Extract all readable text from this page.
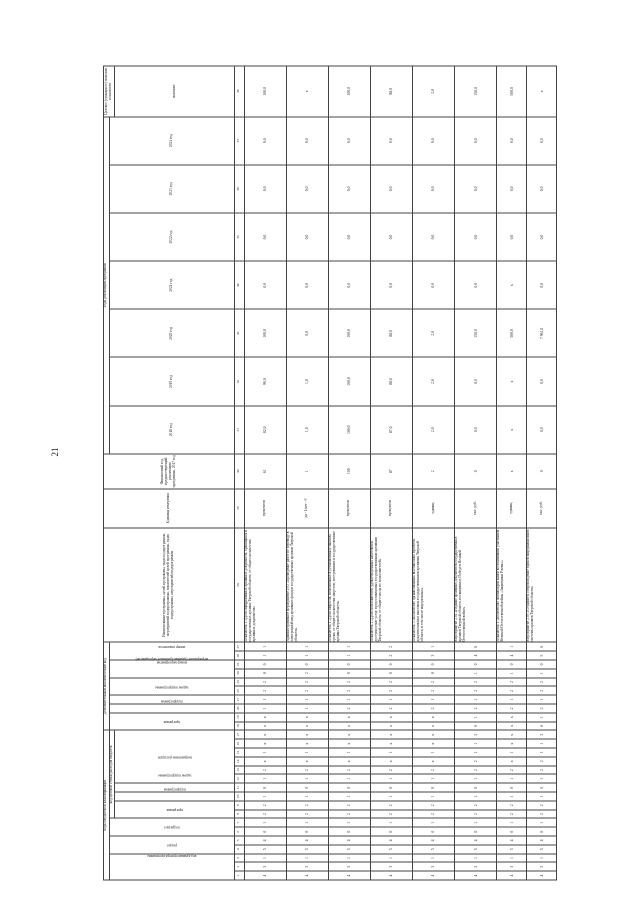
21
Коды бюджетной классификации																	Дополнительный аналитический код										Наименование программы, целей программы, задач подпрограммы, мероприятий подпрограммы, показателей целей программы, задач подпрограммы, мероприятий подпрограммы	Единица измерения	Финансовый год, предшествующий реализации программы, 2017 год	Годы реализации программы							Целевое (суммарное) значение показателя
код администратора программы			раздел		подраздел		код целевой статьи расходов бюджета										программа		подпрограмма	задача подпрограммы	мероприятие (административное мероприятие)		номер мероприятия		номер показателя					2018 год	2019 год	2020 год	2021 год	2022 год	2023 год	2024 год	
							программа		подпрограмма	задача подпрограммы	направление расходов																										значение
1	2	3	4	5	6	7	8	9	10	11	12	13	14	15	16	17	18	19	20	21	22	23	24	25	26	27	28	29	30	31	32	33	34	35	36	37	38
4	3	1	5	4	0	1	2	2	1	0	1	2	x	1	x	x	x	x	1	1	2	2	0	0	1	1	Показатель 2 «Доля оцифрованных архивных документов, хранящихся в государственных архивах Тверской области, от общего количества архивных документов»	процентов	61	82,0	90,0	100,0	0,0	0,0	0,0	0,0	100,0
4	3	1	5	4	0	1	2	2	1	0	1	2	x	1	x	x	x	x	1	1	2	2	2	0	1	1	Административное мероприятие 2.03 «Проведение работ по переводу в электронный вид архивных фондов государственных архивов Тверской области»	да - 1/нет - 0	1	1,0	1,0	0,0	0,0	0,0	0,0	0,0	x
4	3	1	5	4	0	1	2	2	1	0	1	2	x	1	x	x	x	x	2	1	2	2	0	0	1	1	Показатель 1 «Доля запросов, исполненных в установленные законом сроки, от общего количества запросов, поступивших в государственные архивы Тверской области»	процентов	100	100,0	100,0	100,0	0,0	0,0	0,0	0,0	100,0
4	3	1	5	4	0	1	2	2	1	0	1	2	x	1	x	x	x	x	2	1	2	2	0	0	2	2	Показатель 2 «Доля пользователей, удовлетворенных качеством и доступностью услуг, предоставляемых государственными архивами Тверской области, от общего числа их пользователей»	процентов	87	87,0	88,0	88,0	0,0	0,0	0,0	0,0	88,0
4	3	1	5	4	0	1	2	2	1	0	1	2	x	1	x	x	x	x	2	1	2	2	0	0	3	1	Показатель 3 «Количество организованных выставочных проектов, документальных выставок государственными архивами Тверской области, в том числе виртуальных»	единиц	2	2,0	2,0	2,0	0,0	0,0	0,0	0,0	2,0
4	3	1	5	4	0	1	2	2	1	0	1	2	2	1	1	3	0	1	2	1	2	2	1	0	4	0	Мероприятие 2.04 «Издание архивных документов государственных архивов Тверской области, посвященных Победе в Великой Отечественной войне»	тыс. руб.	0	0,0	0,0	150,0	0,0	0,0	0,0	0,0	150,0
4	3	1	5	4	0	1	2	2	1	0	1	2	x	1	x	x	x	x	2	1	2	2	1	0	4	1	Показатель 1 «Количество экземпляров книги воспоминаний участников Великой Отечественной войны «Защитники Ржева»»	единиц	x	x	x	500,0	x	0,0	0,0	0,0	500,0
4	3	1	5	4	0	1	2	2	1	0	1	2	2	1	1	3	0	1	2	1	2	2	1	0	5	0	Мероприятие 2.05 «Создание и сопровождение единой информационной системы архивов Тверской области»	тыс. руб.	0	0,0	0,0	7 961,0	0,0	0,0	0,0	0,0	x
